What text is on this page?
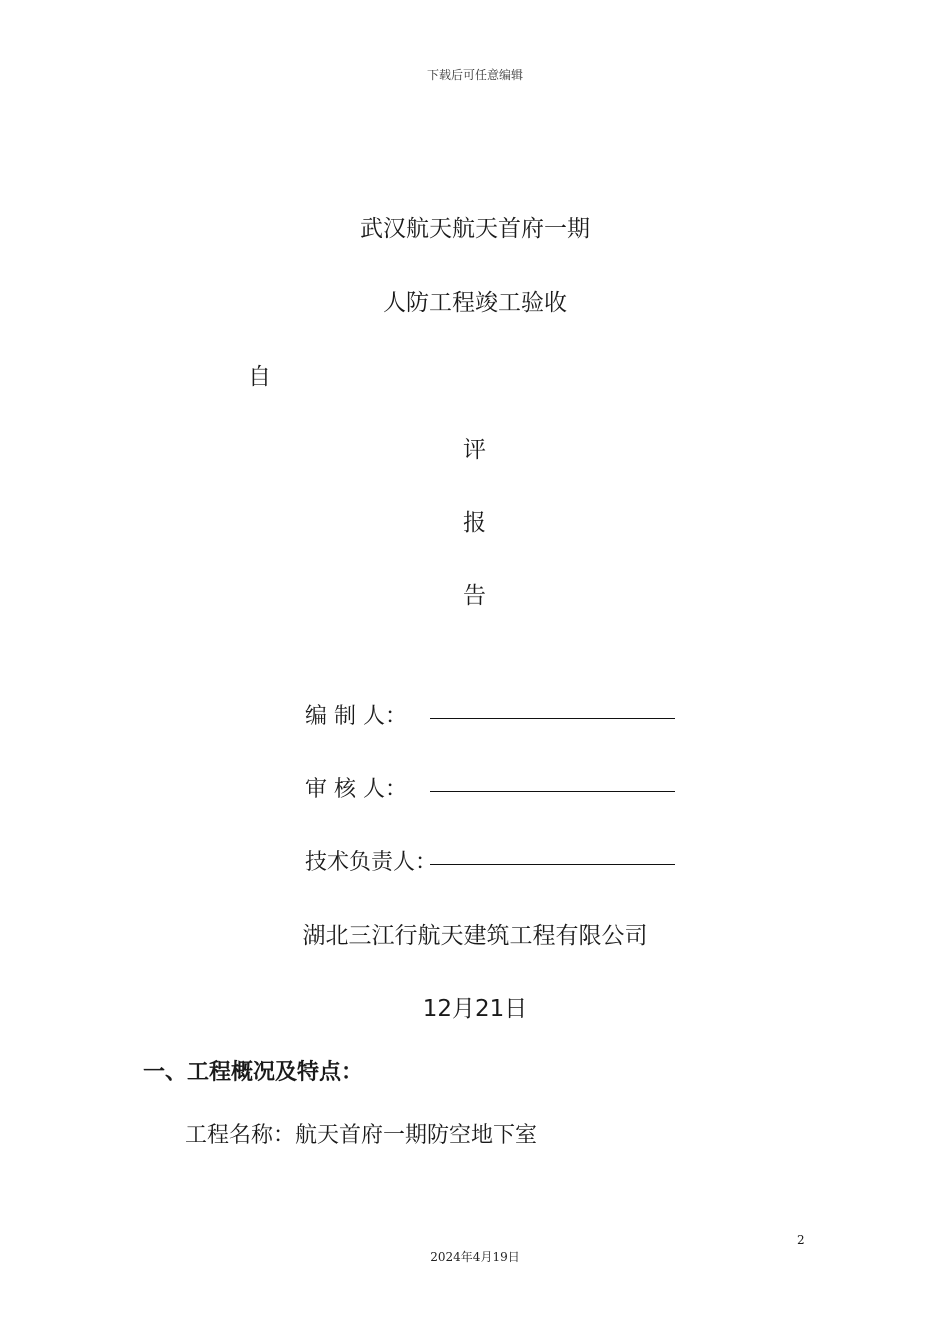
下载后可任意编辑
武汉航天航天首府一期
人防工程竣工验收
自
评
报
告
编 制 人：
审 核 人：
技术负责人：
湖北三江行航天建筑工程有限公司
12月21日
一、工程概况及特点：
工程名称：航天首府一期防空地下室
2
2024年4月19日
